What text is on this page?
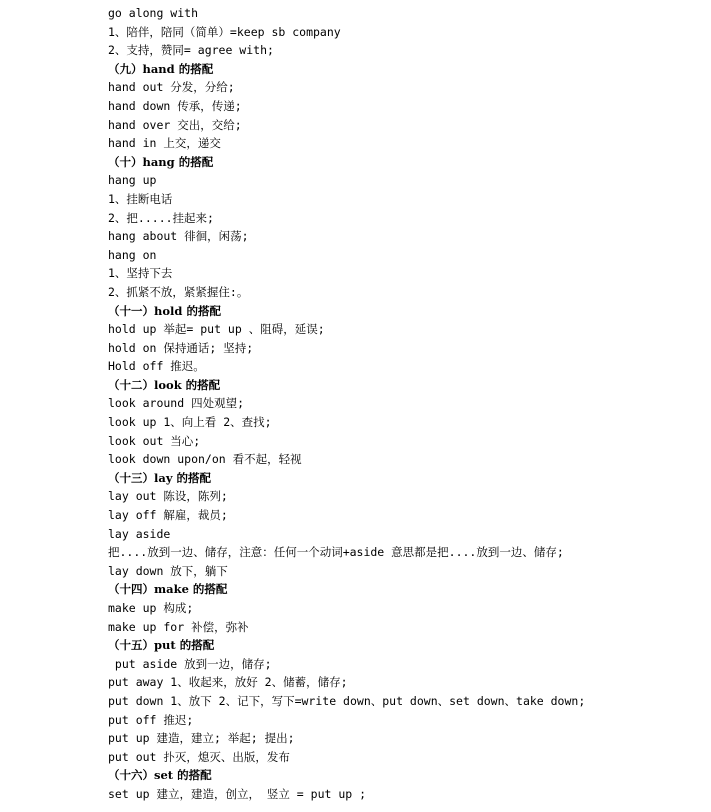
go along with
1、陪伴，陪同（简单）=keep sb company
2、支持，赞同= agree with;
（九）hand 的搭配
hand out 分发，分给;
hand down 传承，传递;
hand over 交出，交给;
hand in 上交，递交
（十）hang 的搭配
hang up
1、挂断电话
2、把.....挂起来;
hang about 徘徊，闲荡;
hang on
1、坚持下去
2、抓紧不放，紧紧握住:。
（十一）hold 的搭配
hold up 举起= put up 、阻碍，延误;
hold on 保持通话; 坚持;
Hold off 推迟。
（十二）look 的搭配
look around 四处观望;
look up 1、向上看 2、查找;
look out 当心;
look down upon/on 看不起，轻视
（十三）lay 的搭配
lay out 陈设，陈列;
lay off 解雇，裁员;
lay aside
把....放到一边、储存，注意：任何一个动词+aside 意思都是把....放到一边、储存;
lay down 放下，躺下
（十四）make 的搭配
make up 构成;
make up for 补偿，弥补
（十五）put 的搭配
put aside 放到一边，储存;
put away 1、收起来，放好 2、储蓄，储存;
put down 1、放下 2、记下，写下=write down、put down、set down、take down;
put off 推迟;
put up 建造，建立; 举起; 提出;
put out 扑灭，熄灭、出版，发布
（十六）set 的搭配
set up 建立，建造，创立， 竖立 = put up ;
